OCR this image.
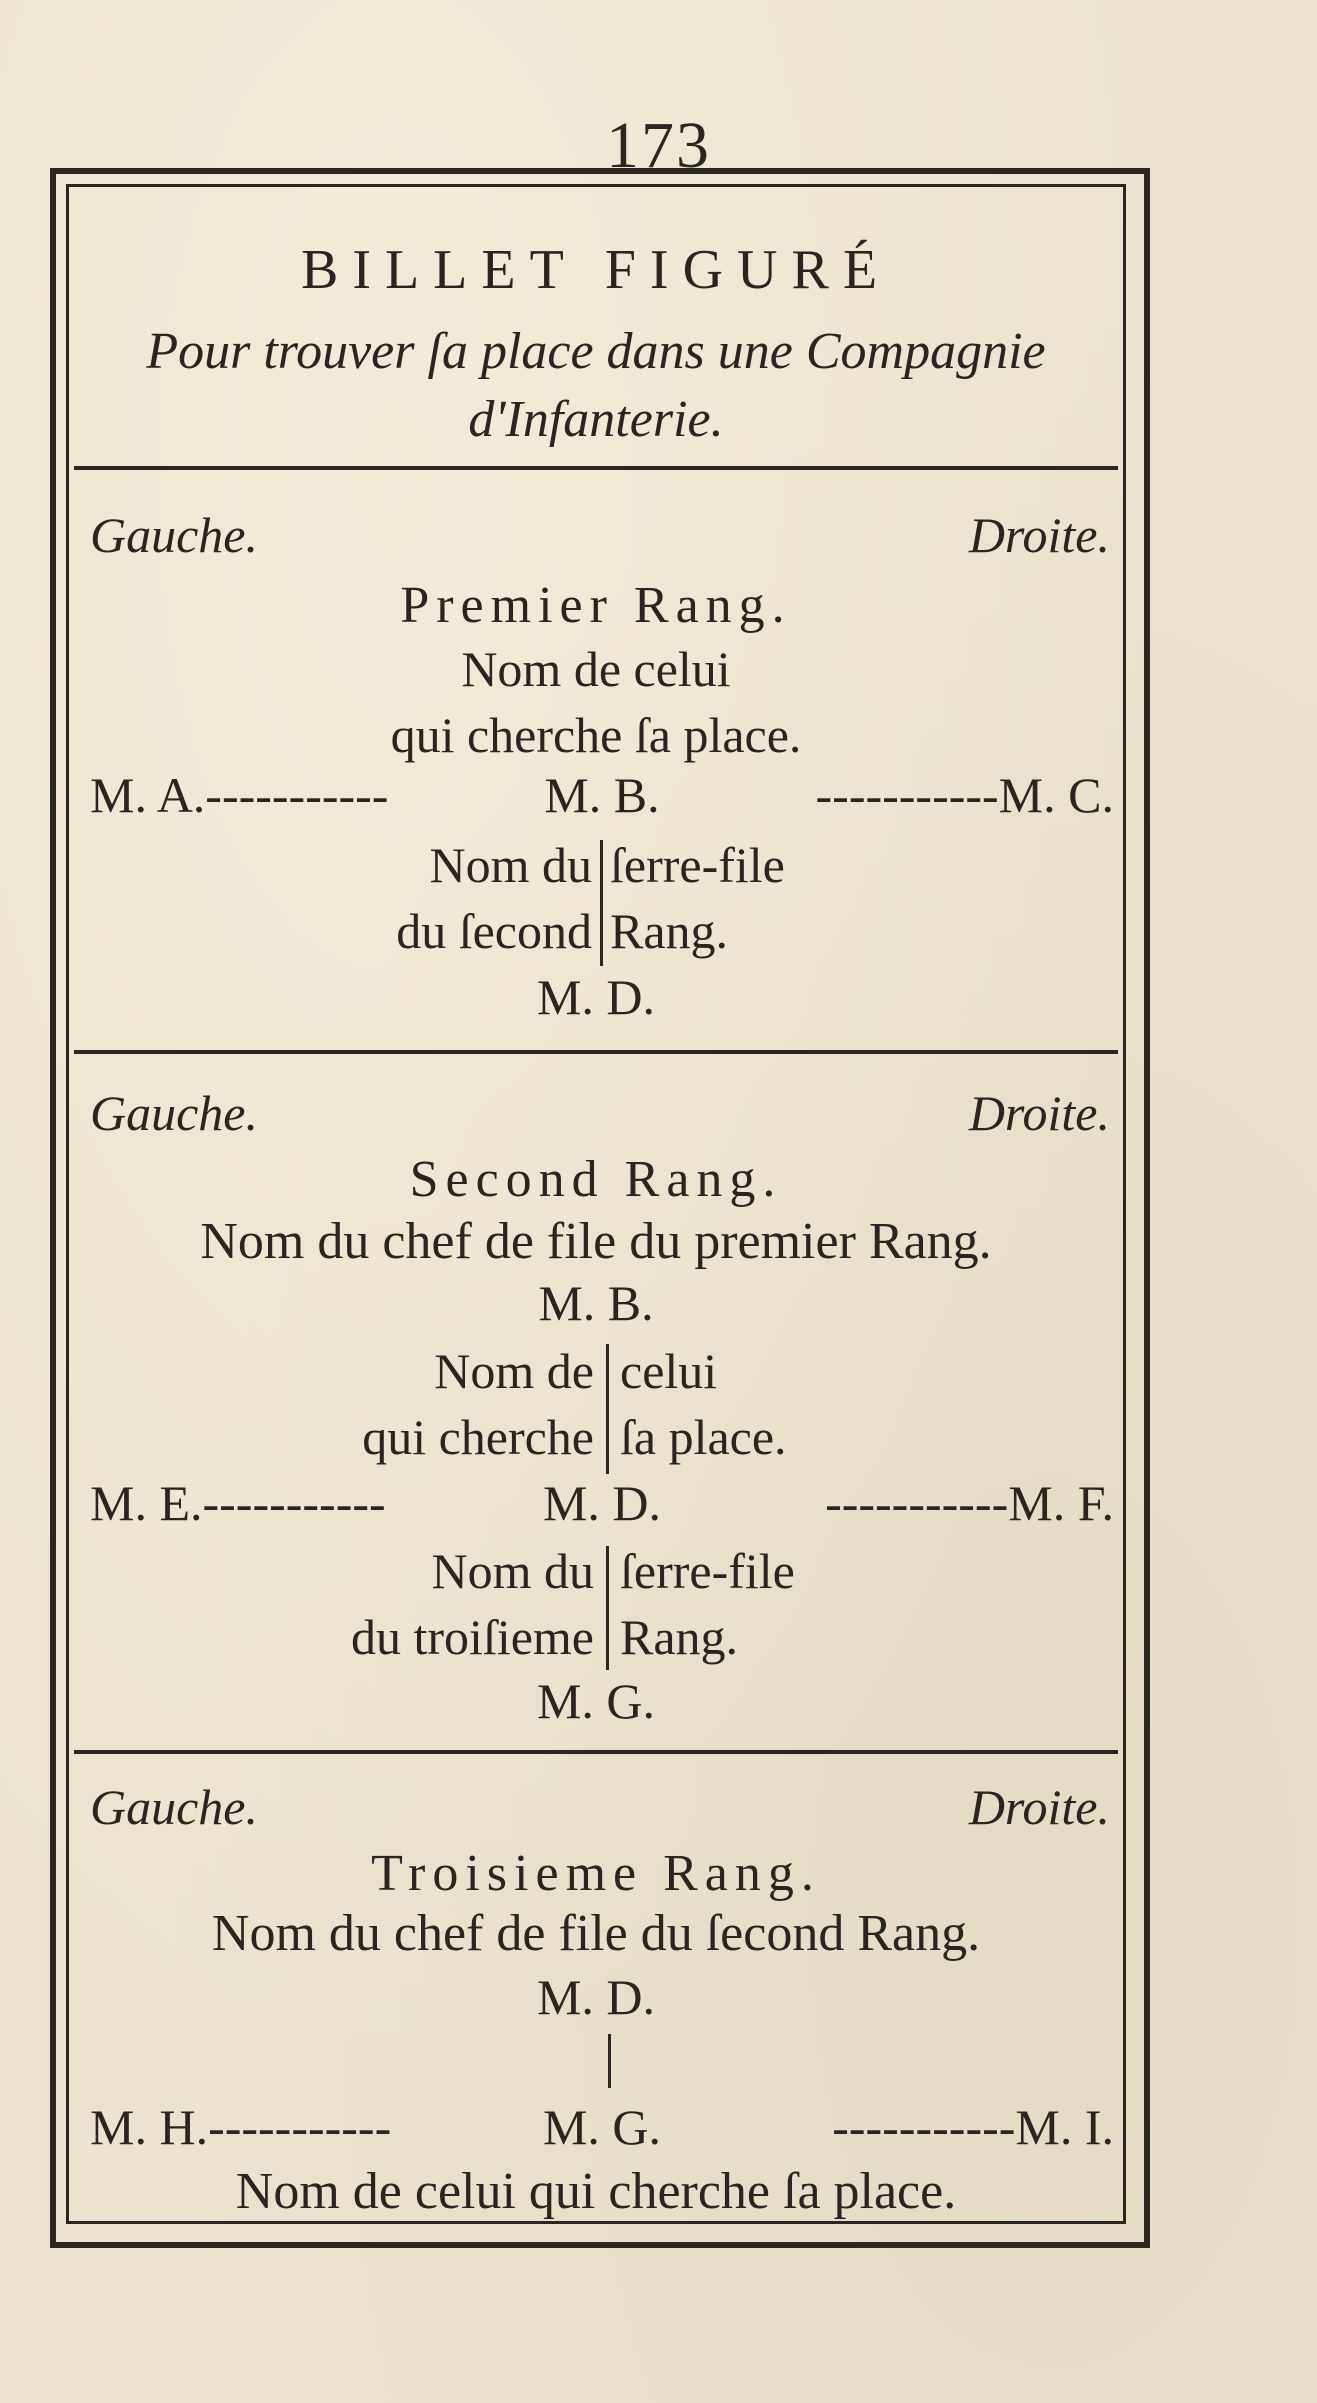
173
BILLET FIGURÉ
Pour trouver ſa place dans une Compagnie
d'Infanterie.
Gauche.	Droite.
Premier Rang.
Nom de celui
qui cherche ſa place.
M. A.-----------	M. B.	-----------M. C.
Nom du ſerre-file
du ſecond Rang.
M. D.
Gauche.	Droite.
Second Rang.
Nom du chef de file du premier Rang.
M. B.
Nom de celui
qui cherche ſa place.
M. E.-----------	M. D.	-----------M. F.
Nom du ſerre-file
du troiſieme Rang.
M. G.
Gauche.	Droite.
Troisieme Rang.
Nom du chef de file du ſecond Rang.
M. D.
M. H.-----------	M. G.	-----------M. I.
Nom de celui qui cherche ſa place.
